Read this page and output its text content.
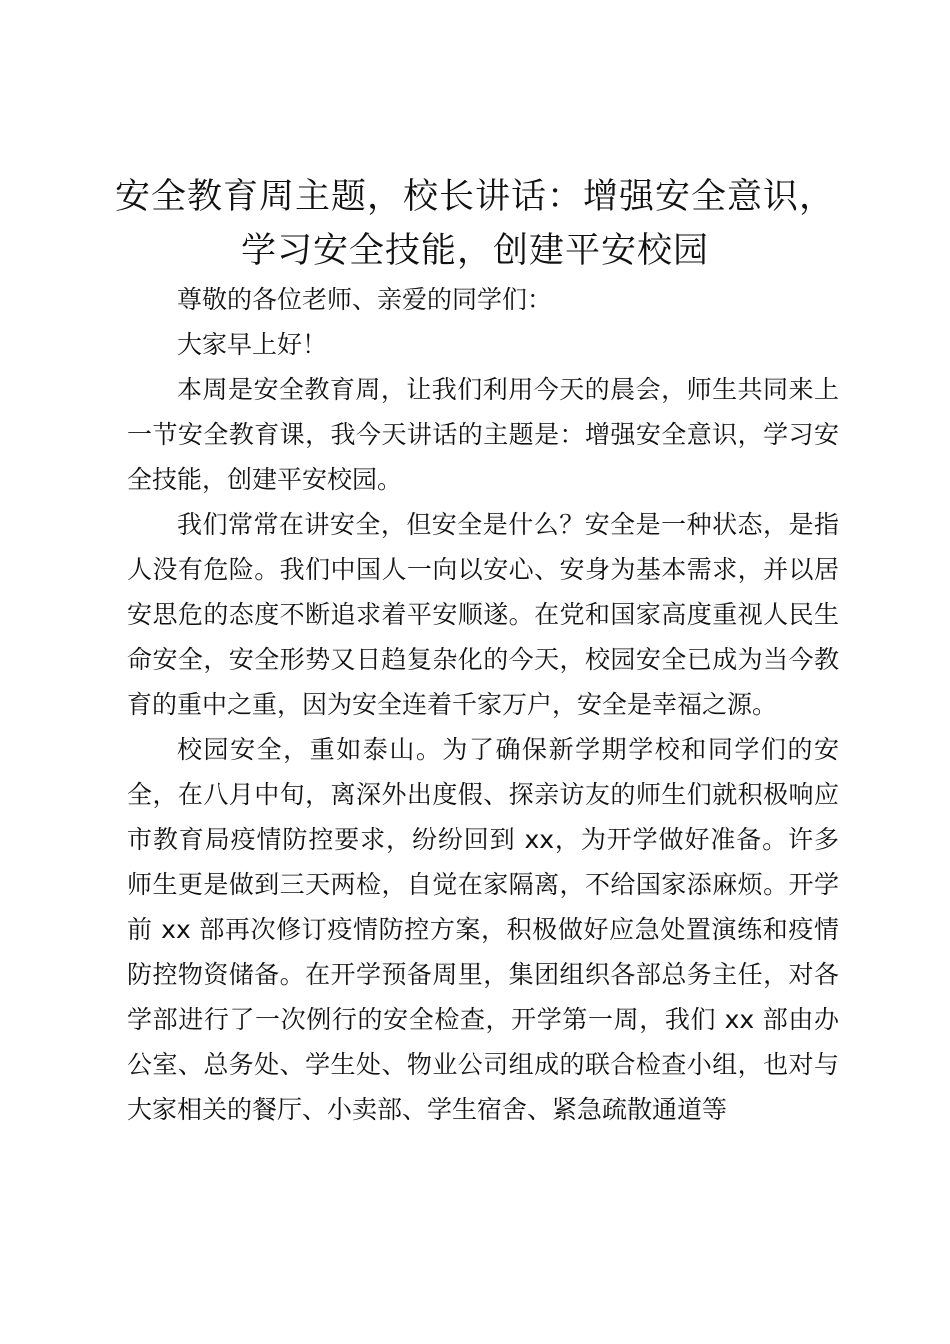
安全教育周主题，校长讲话：增强安全意识，
学习安全技能，创建平安校园

尊敬的各位老师、亲爱的同学们：

大家早上好！

本周是安全教育周，让我们利用今天的晨会，师生共同来上一节安全教育课，我今天讲话的主题是：增强安全意识，学习安全技能，创建平安校园。

我们常常在讲安全，但安全是什么？安全是一种状态，是指人没有危险。我们中国人一向以安心、安身为基本需求，并以居安思危的态度不断追求着平安顺遂。在党和国家高度重视人民生命安全，安全形势又日趋复杂化的今天，校园安全已成为当今教育的重中之重，因为安全连着千家万户，安全是幸福之源。

校园安全，重如泰山。为了确保新学期学校和同学们的安全，在八月中旬，离深外出度假、探亲访友的师生们就积极响应市教育局疫情防控要求，纷纷回到 xx，为开学做好准备。许多师生更是做到三天两检，自觉在家隔离，不给国家添麻烦。开学前 xx 部再次修订疫情防控方案，积极做好应急处置演练和疫情防控物资储备。在开学预备周里，集团组织各部总务主任，对各学部进行了一次例行的安全检查，开学第一周，我们 xx 部由办公室、总务处、学生处、物业公司组成的联合检查小组，也对与大家相关的餐厅、小卖部、学生宿舍、紧急疏散通道等
